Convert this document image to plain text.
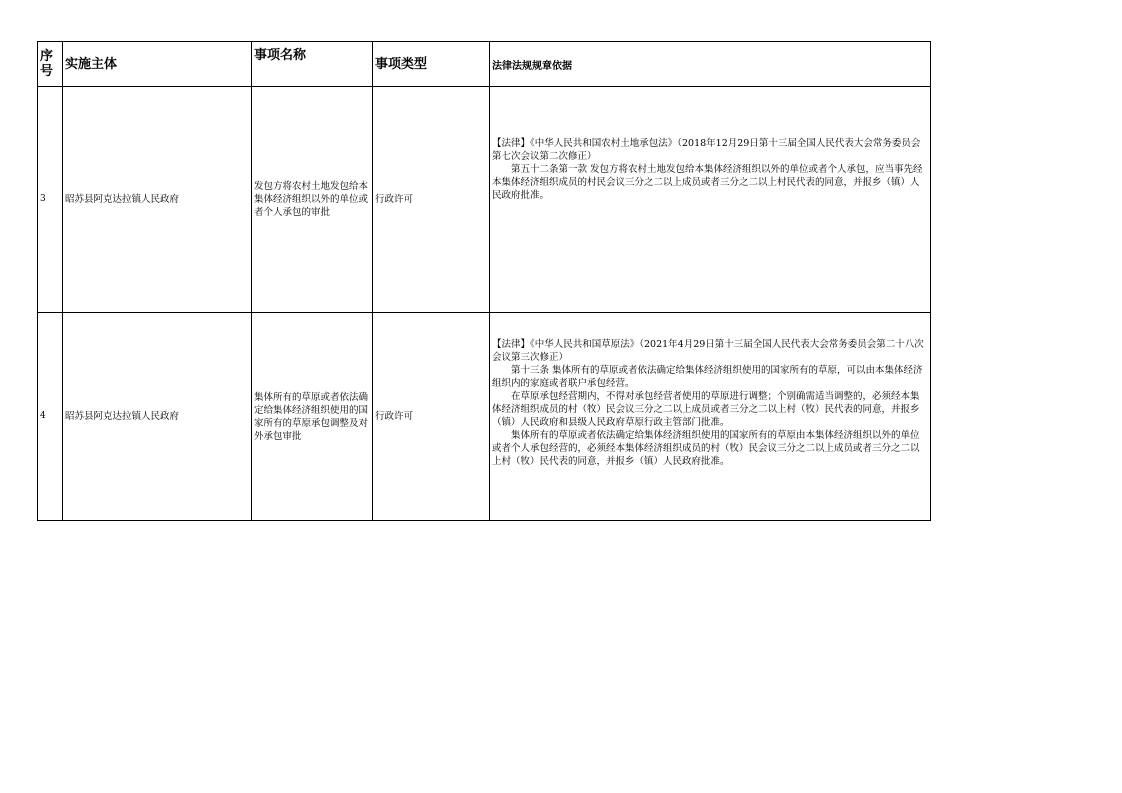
序号	实施主体	事项名称	事项类型	法律法规规章依据
3	昭苏县阿克达拉镇人民政府	发包方将农村土地发包给本集体经济组织以外的单位或者个人承包的审批	行政许可	【法律】《中华人民共和国农村土地承包法》（2018年12月29日第十三届全国人民代表大会常务委员会第七次会议第二次修正）
第五十二条第一款 发包方将农村土地发包给本集体经济组织以外的单位或者个人承包，应当事先经本集体经济组织成员的村民会议三分之二以上成员或者三分之二以上村民代表的同意，并报乡（镇）人民政府批准。

4	昭苏县阿克达拉镇人民政府	集体所有的草原或者依法确定给集体经济组织使用的国家所有的草原承包调整及对外承包审批	行政许可	【法律】《中华人民共和国草原法》（2021年4月29日第十三届全国人民代表大会常务委员会第二十八次会议第三次修正）
第十三条 集体所有的草原或者依法确定给集体经济组织使用的国家所有的草原，可以由本集体经济组织内的家庭或者联户承包经营。
在草原承包经营期内，不得对承包经营者使用的草原进行调整；个别确需适当调整的，必须经本集体经济组织成员的村（牧）民会议三分之二以上成员或者三分之二以上村（牧）民代表的同意，并报乡（镇）人民政府和县级人民政府草原行政主管部门批准。
集体所有的草原或者依法确定给集体经济组织使用的国家所有的草原由本集体经济组织以外的单位或者个人承包经营的，必须经本集体经济组织成员的村（牧）民会议三分之二以上成员或者三分之二以上村（牧）民代表的同意，并报乡（镇）人民政府批准。
